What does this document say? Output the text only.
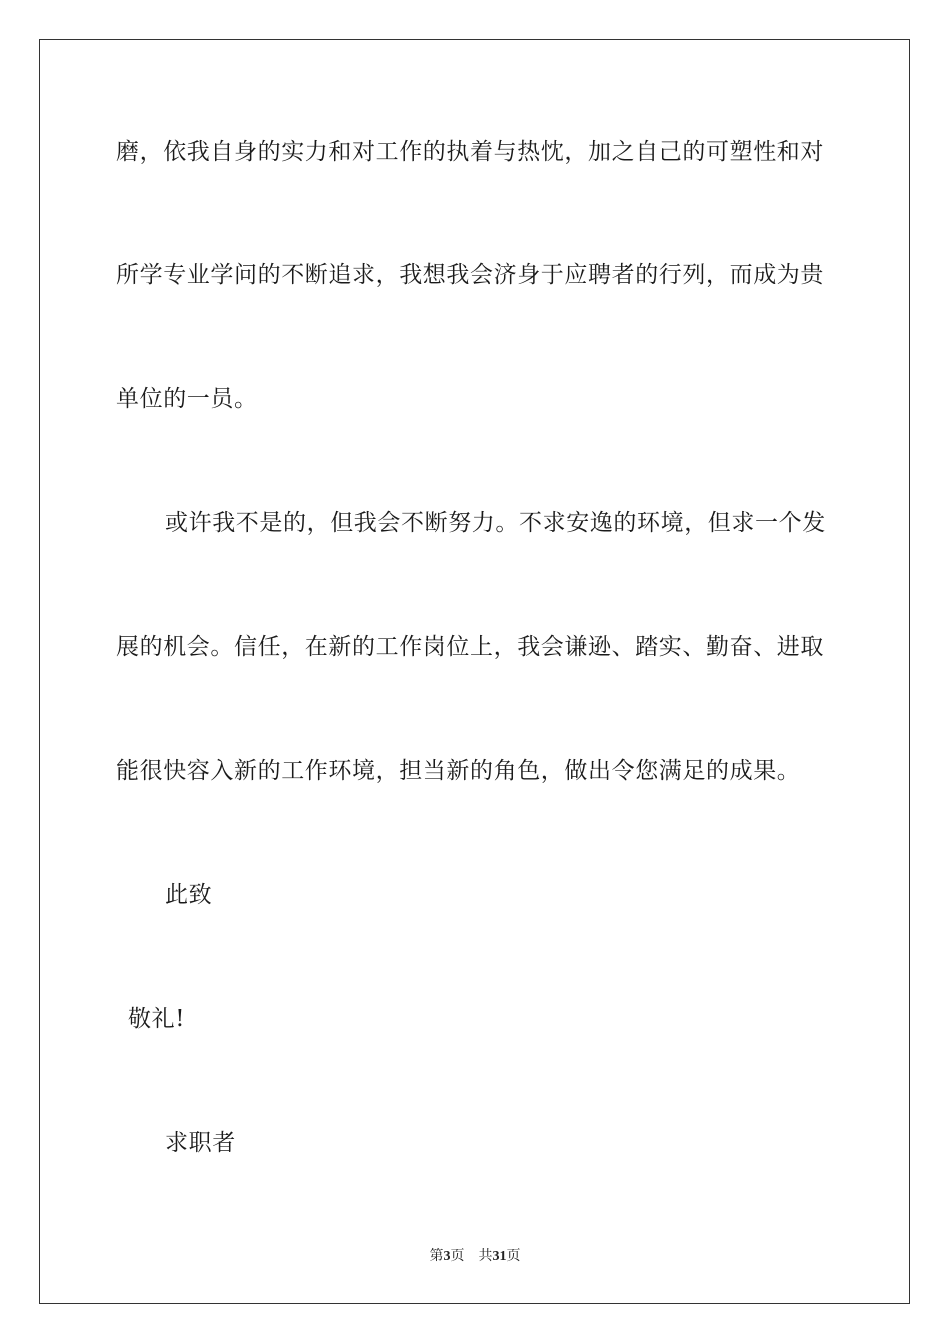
磨，依我自身的实力和对工作的执着与热忱，加之自己的可塑性和对
所学专业学问的不断追求，我想我会济身于应聘者的行列，而成为贵
单位的一员。
或许我不是的，但我会不断努力。不求安逸的环境，但求一个发
展的机会。信任，在新的工作岗位上，我会谦逊、踏实、勤奋、进取
能很快容入新的工作环境，担当新的角色，做出令您满足的成果。
此致
敬礼!
求职者
第3页 共31页
